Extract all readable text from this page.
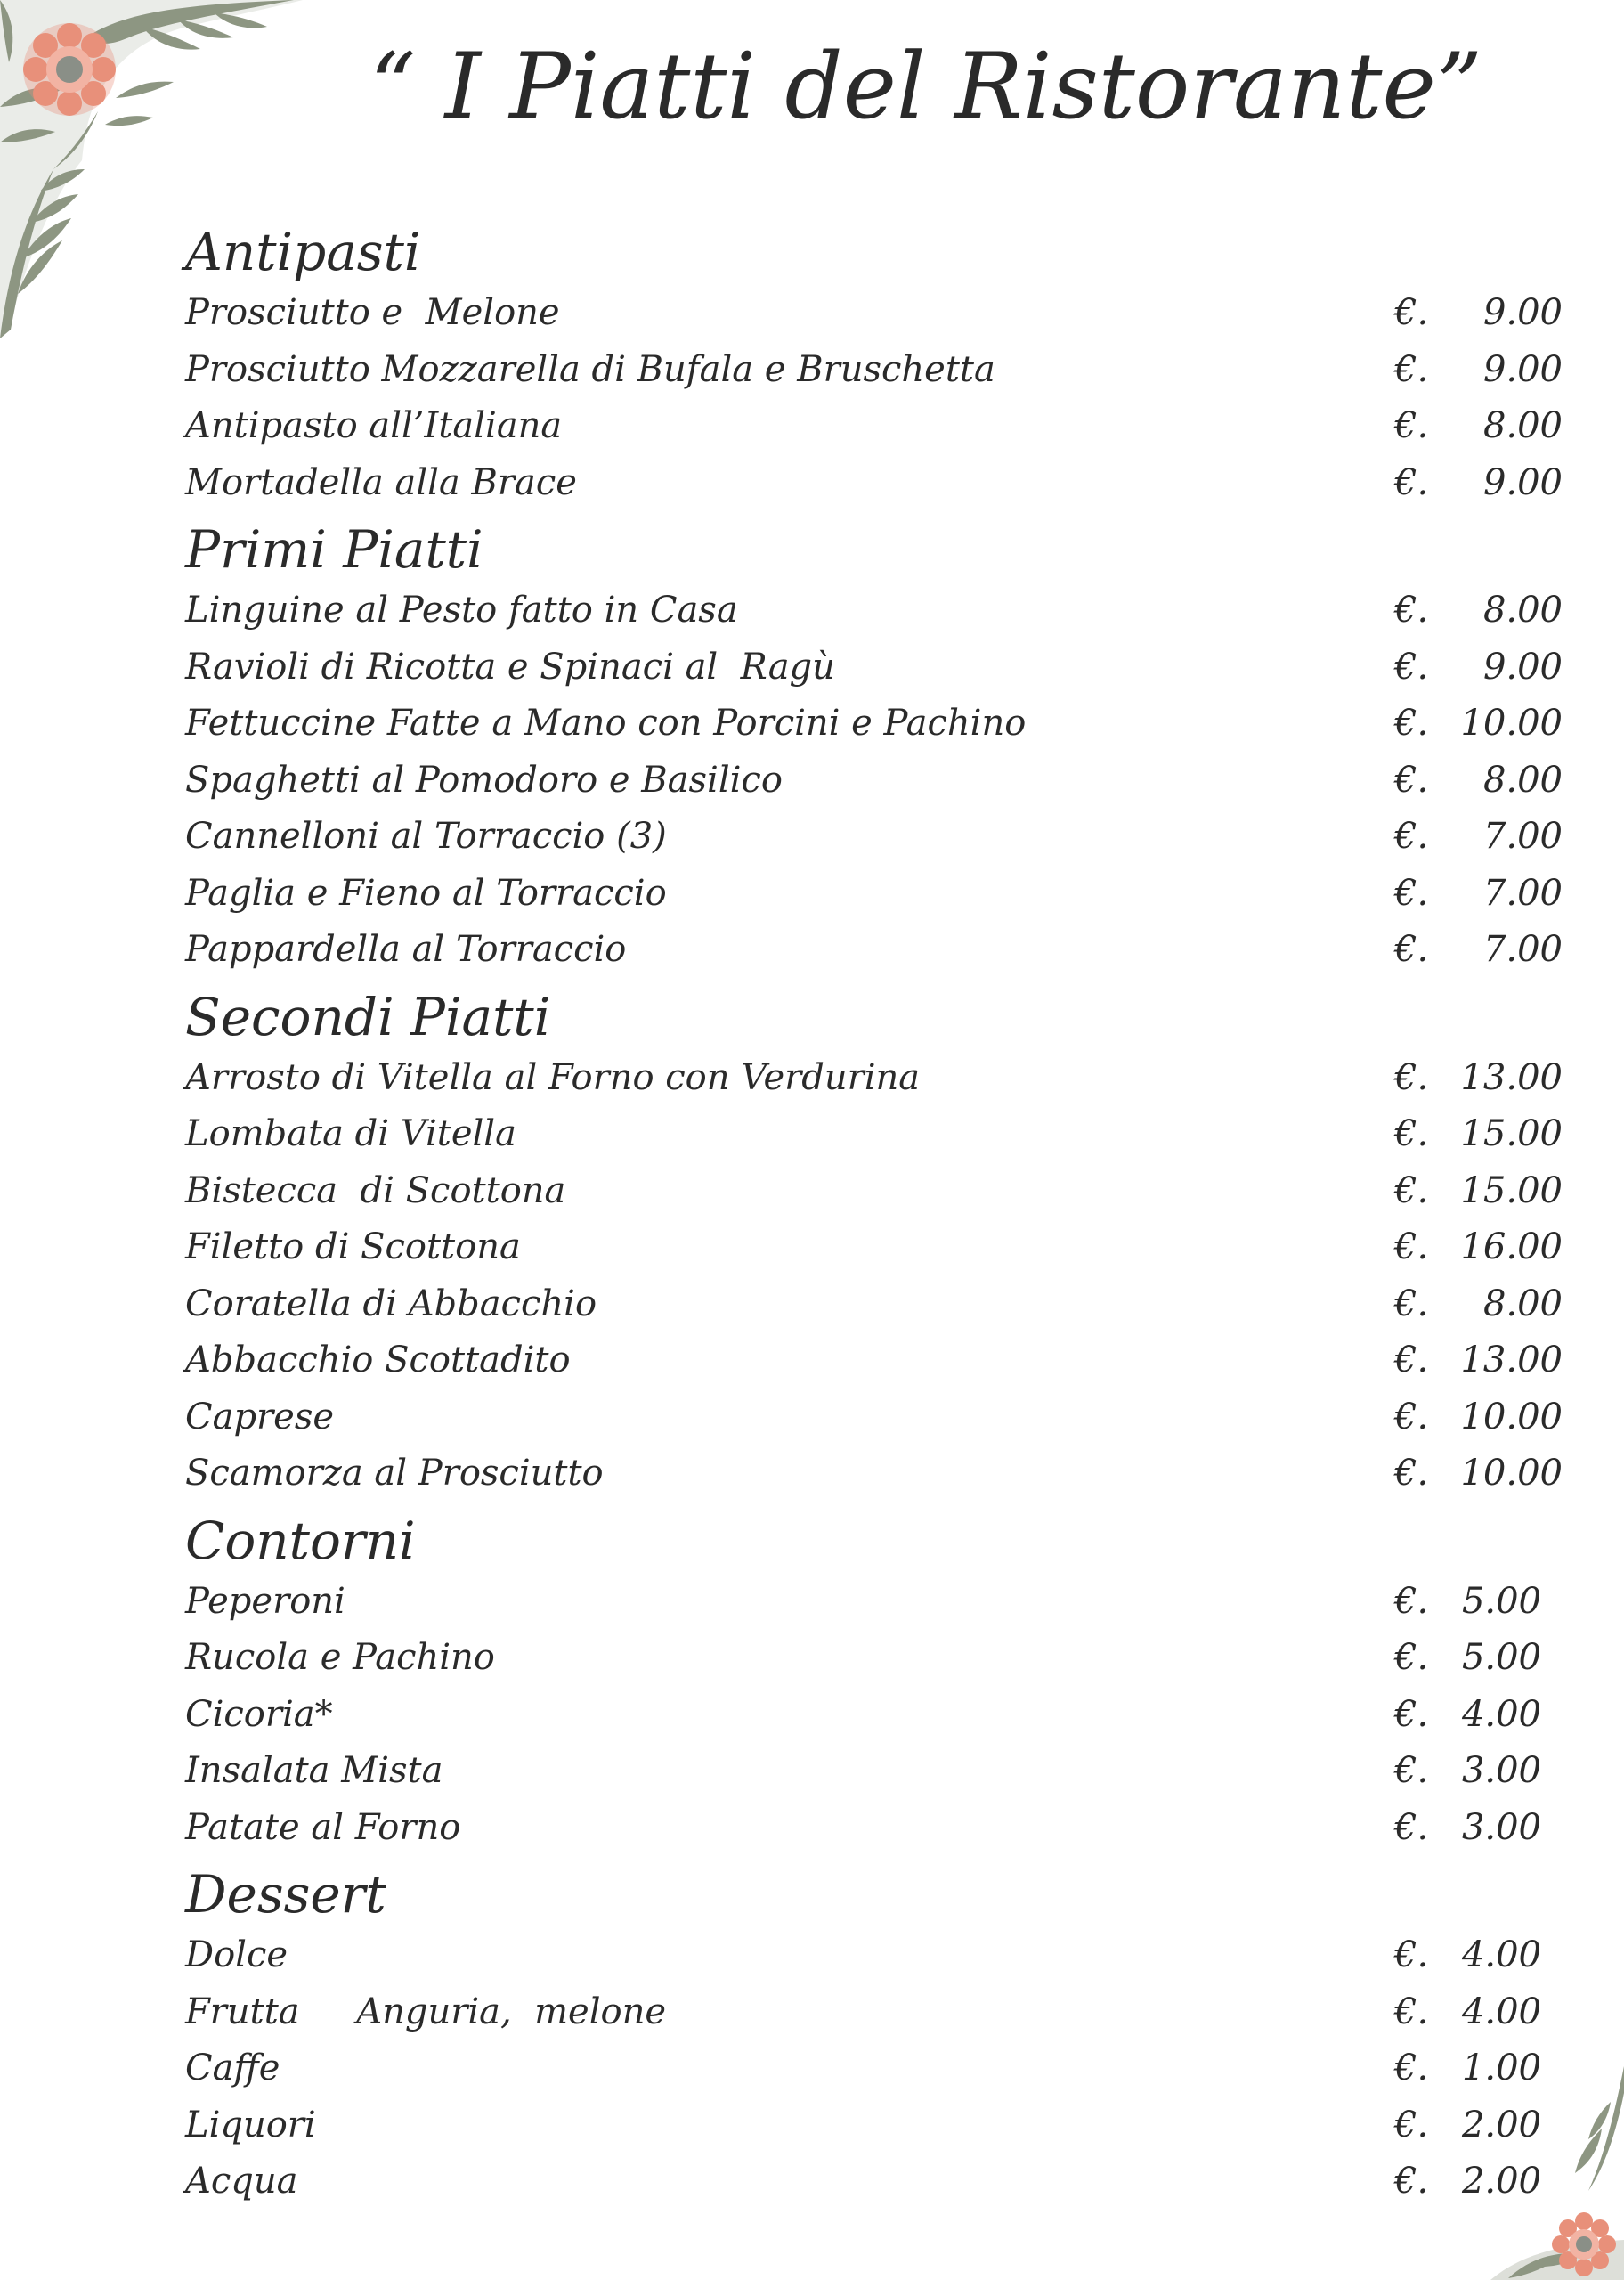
“ I Piatti del Ristorante”
Antipasti
Prosciutto e  Melone	€. 9.00
Prosciutto Mozzarella di Bufala e Bruschetta	€. 9.00
Antipasto all’Italiana	€. 8.00
Mortadella alla Brace	€. 9.00
Primi Piatti
Linguine al Pesto fatto in Casa	€. 8.00
Ravioli di Ricotta e Spinaci al  Ragù	€. 9.00
Fettuccine Fatte a Mano con Porcini e Pachino	€. 10.00
Spaghetti al Pomodoro e Basilico	€. 8.00
Cannelloni al Torraccio (3)	€. 7.00
Paglia e Fieno al Torraccio	€. 7.00
Pappardella al Torraccio	€. 7.00
Secondi Piatti
Arrosto di Vitella al Forno con Verdurina	€. 13.00
Lombata di Vitella	€. 15.00
Bistecca  di Scottona	€. 15.00
Filetto di Scottona	€. 16.00
Coratella di Abbacchio	€. 8.00
Abbacchio Scottadito	€. 13.00
Caprese	€. 10.00
Scamorza al Prosciutto	€. 10.00
Contorni
Peperoni	€. 5.00
Rucola e Pachino	€. 5.00
Cicoria*	€. 4.00
Insalata Mista	€. 3.00
Patate al Forno	€. 3.00
Dessert
Dolce	€. 4.00
Frutta     Anguria,  melone	€. 4.00
Caffe	€. 1.00
Liquori	€. 2.00
Acqua	€. 2.00
